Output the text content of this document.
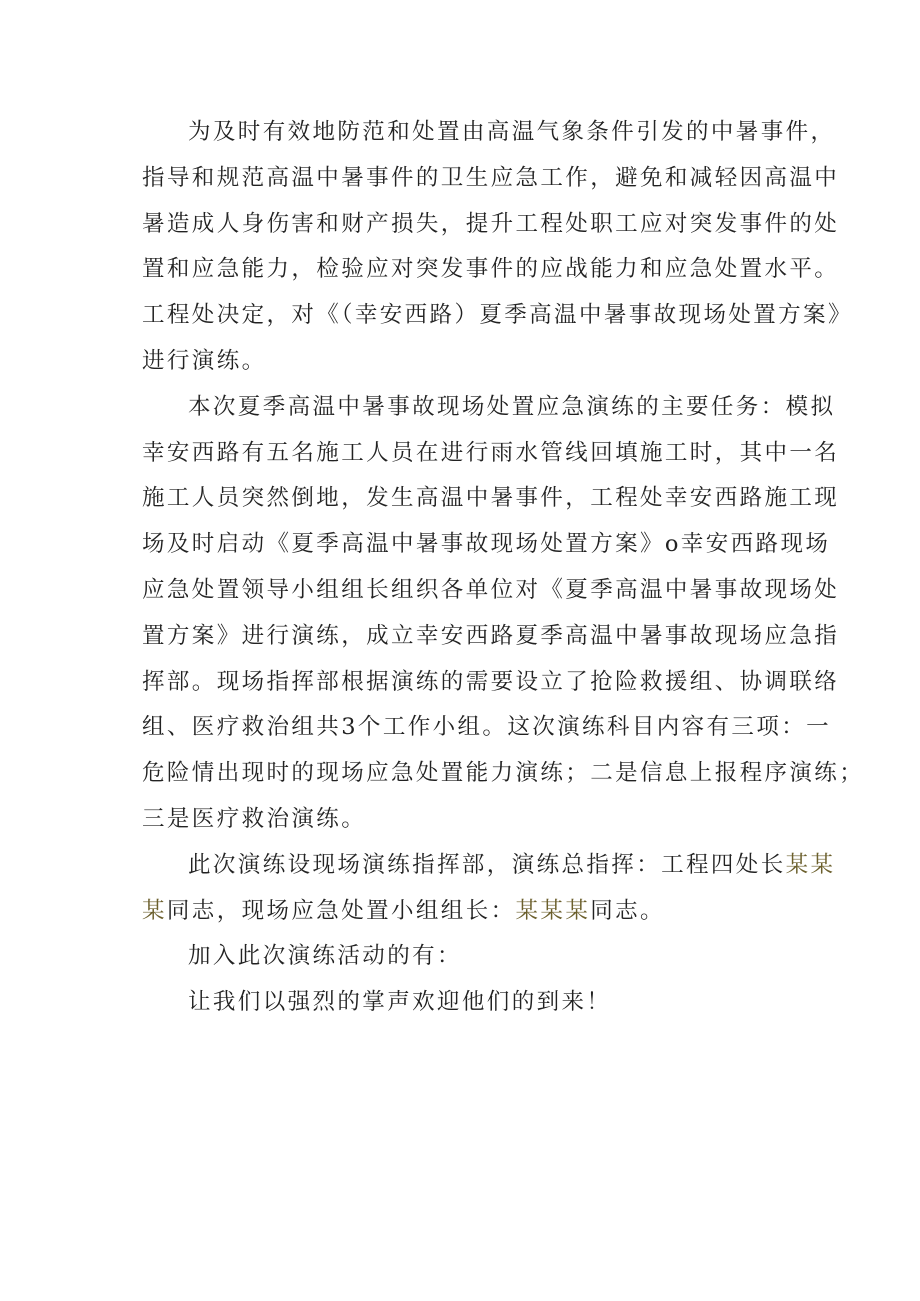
为及时有效地防范和处置由高温气象条件引发的中暑事件，
指导和规范高温中暑事件的卫生应急工作，避免和减轻因高温中
暑造成人身伤害和财产损失，提升工程处职工应对突发事件的处
置和应急能力，检验应对突发事件的应战能力和应急处置水平。
工程处决定，对《（幸安西路）夏季高温中暑事故现场处置方案》
进行演练。

本次夏季高温中暑事故现场处置应急演练的主要任务：模拟
幸安西路有五名施工人员在进行雨水管线回填施工时，其中一名
施工人员突然倒地，发生高温中暑事件，工程处幸安西路施工现
场及时启动《夏季高温中暑事故现场处置方案》o幸安西路现场
应急处置领导小组组长组织各单位对《夏季高温中暑事故现场处
置方案》进行演练，成立幸安西路夏季高温中暑事故现场应急指
挥部。现场指挥部根据演练的需要设立了抢险救援组、协调联络
组、医疗救治组共3个工作小组。这次演练科目内容有三项：一
危险情出现时的现场应急处置能力演练；二是信息上报程序演练；
三是医疗救治演练。

此次演练设现场演练指挥部，演练总指挥：工程四处长某某
某同志，现场应急处置小组组长：某某某同志。

加入此次演练活动的有：

让我们以强烈的掌声欢迎他们的到来！
